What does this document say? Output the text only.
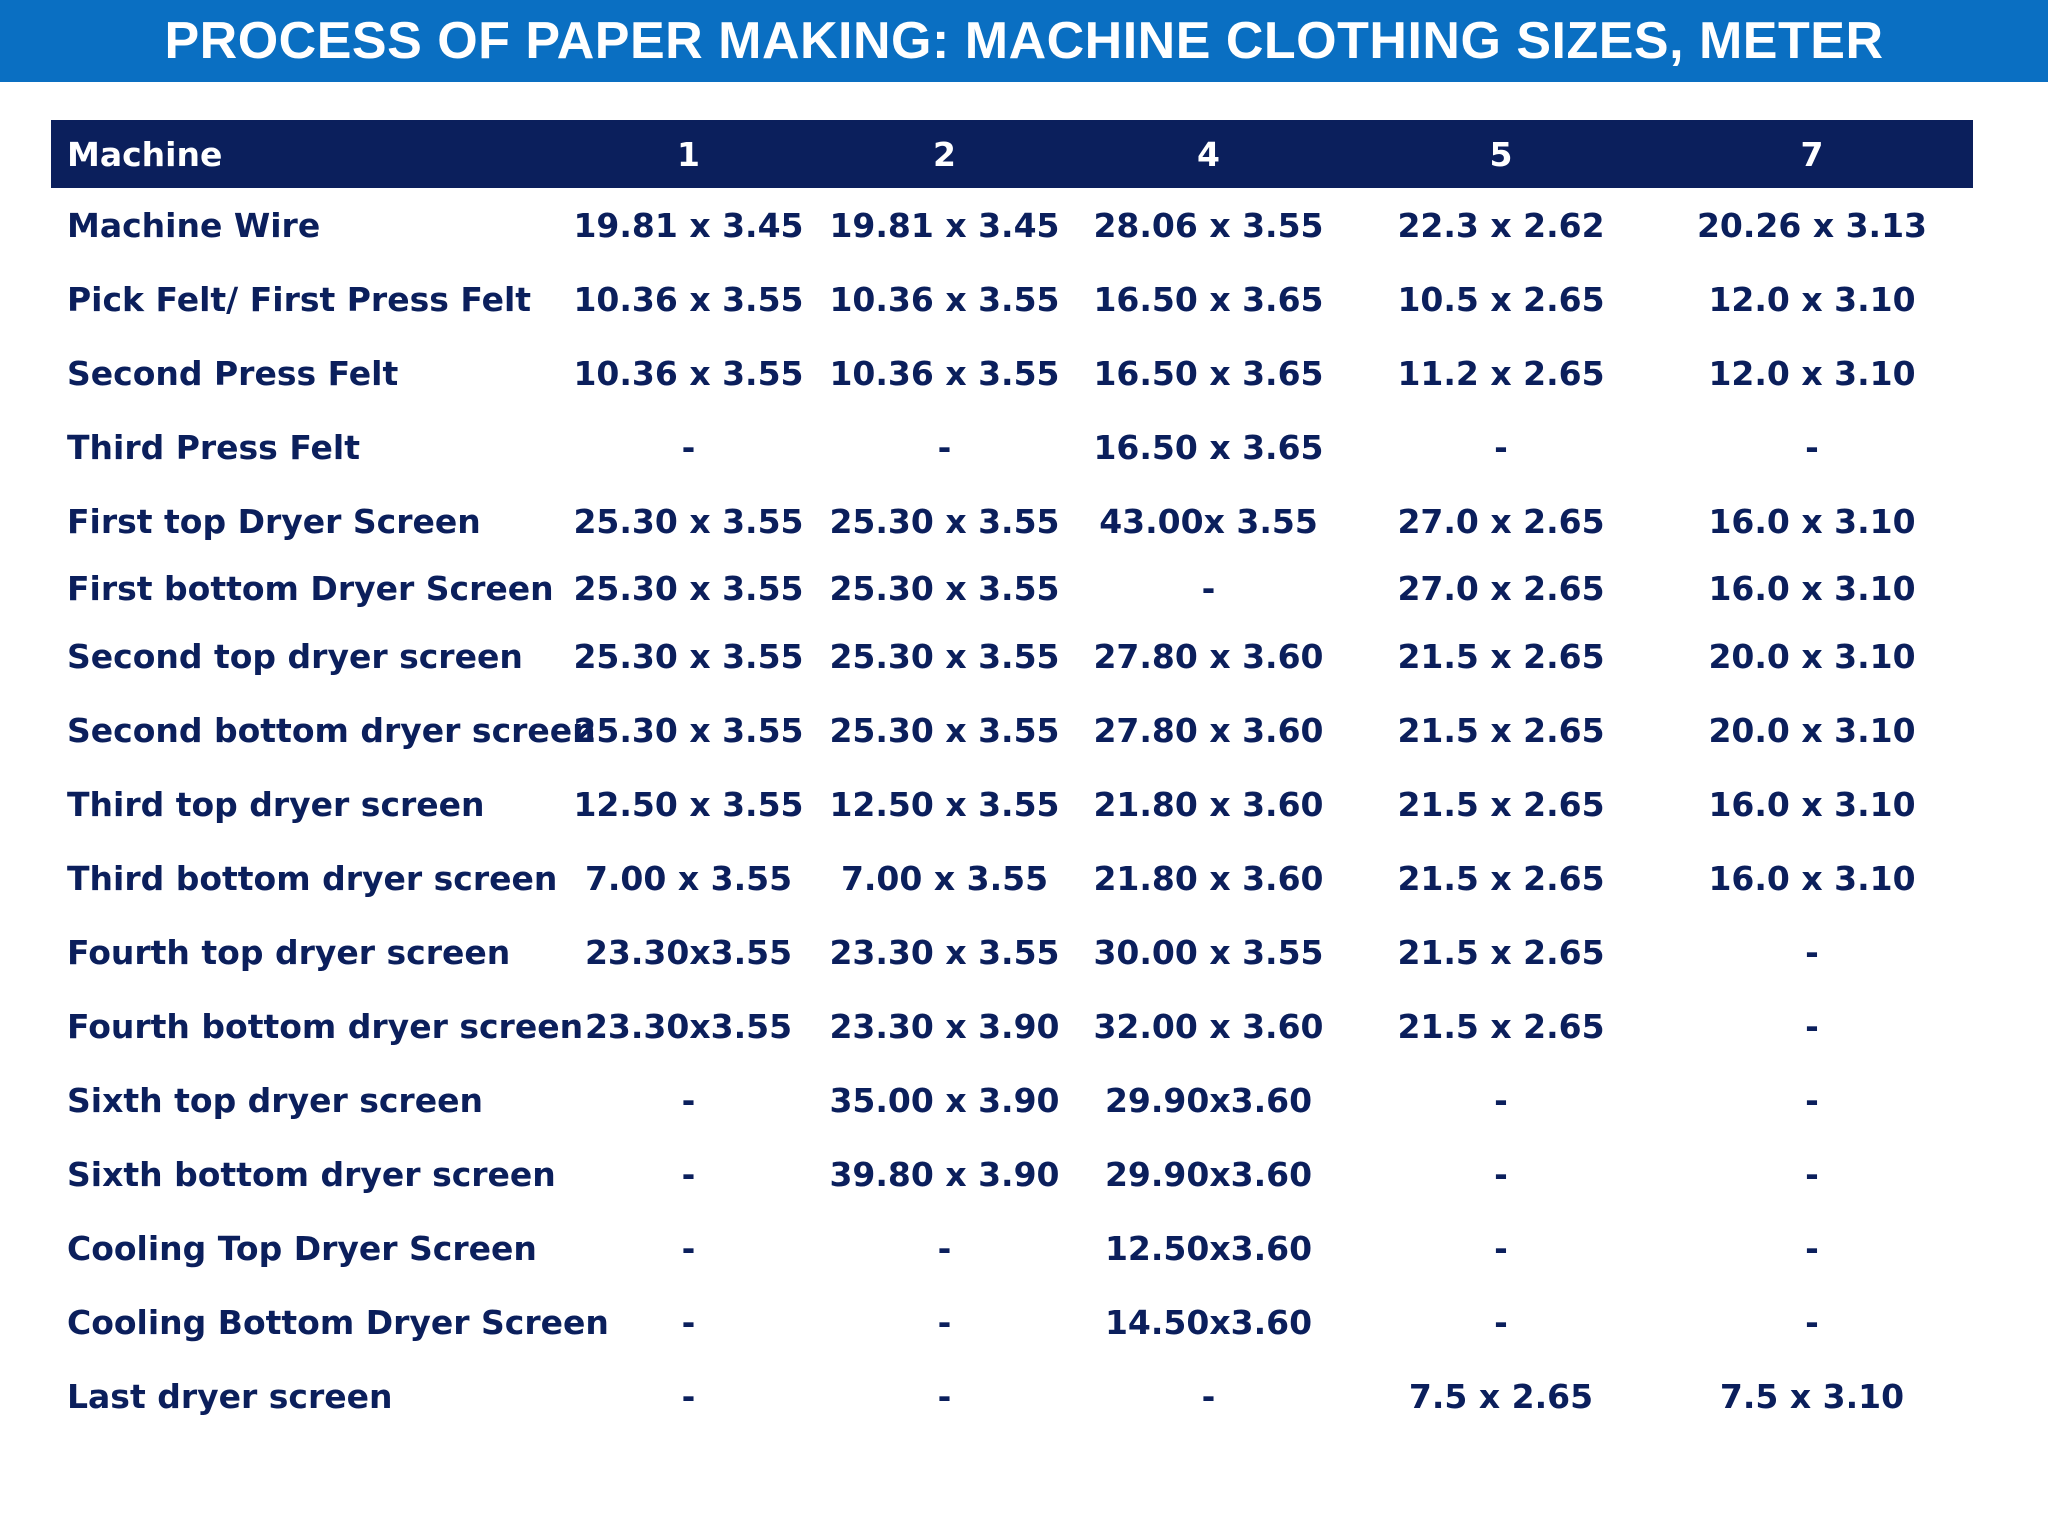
PROCESS OF PAPER MAKING: MACHINE CLOTHING SIZES, METER
Machine	1	2	4	5	7
Machine Wire	19.81 x 3.45	19.81 x 3.45	28.06 x 3.55	22.3 x 2.62	20.26 x 3.13
Pick Felt/ First Press Felt	10.36 x 3.55	10.36 x 3.55	16.50 x 3.65	10.5 x 2.65	12.0 x 3.10
Second Press Felt	10.36 x 3.55	10.36 x 3.55	16.50 x 3.65	11.2 x 2.65	12.0 x 3.10
Third Press Felt	-	-	16.50 x 3.65	-	-
First top Dryer Screen	25.30 x 3.55	25.30 x 3.55	43.00x 3.55	27.0 x 2.65	16.0 x 3.10
First bottom Dryer Screen	25.30 x 3.55	25.30 x 3.55	-	27.0 x 2.65	16.0 x 3.10
Second top dryer screen	25.30 x 3.55	25.30 x 3.55	27.80 x 3.60	21.5 x 2.65	20.0 x 3.10
Second bottom dryer screen	25.30 x 3.55	25.30 x 3.55	27.80 x 3.60	21.5 x 2.65	20.0 x 3.10
Third top dryer screen	12.50 x 3.55	12.50 x 3.55	21.80 x 3.60	21.5 x 2.65	16.0 x 3.10
Third bottom dryer screen	7.00 x 3.55	7.00 x 3.55	21.80 x 3.60	21.5 x 2.65	16.0 x 3.10
Fourth top dryer screen	23.30x3.55	23.30 x 3.55	30.00 x 3.55	21.5 x 2.65	-
Fourth bottom dryer screen	23.30x3.55	23.30 x 3.90	32.00 x 3.60	21.5 x 2.65	-
Sixth top dryer screen	-	35.00 x 3.90	29.90x3.60	-	-
Sixth bottom dryer screen	-	39.80 x 3.90	29.90x3.60	-	-
Cooling Top Dryer Screen	-	-	12.50x3.60	-	-
Cooling Bottom Dryer Screen	-	-	14.50x3.60	-	-
Last dryer screen	-	-	-	7.5 x 2.65	7.5 x 3.10
